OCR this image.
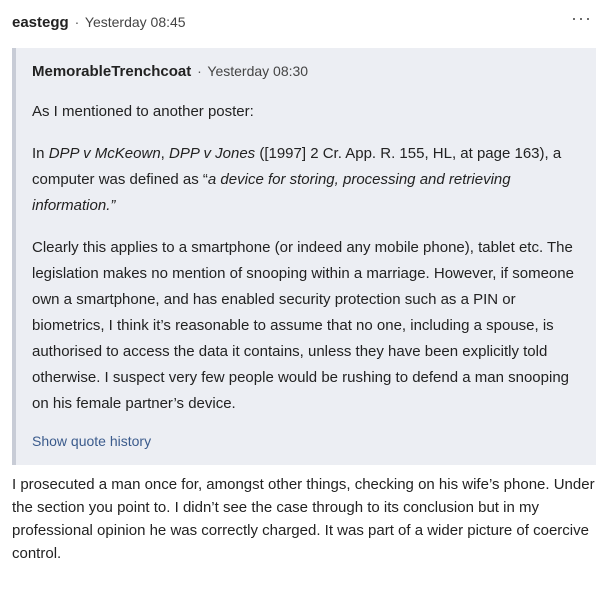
eastegg · Yesterday 08:45	···
MemorableTrenchcoat · Yesterday 08:30

As I mentioned to another poster:

In DPP v McKeown, DPP v Jones ([1997] 2 Cr. App. R. 155, HL, at page 163), a computer was defined as “a device for storing, processing and retrieving information.”

Clearly this applies to a smartphone (or indeed any mobile phone), tablet etc. The legislation makes no mention of snooping within a marriage. However, if someone own a smartphone, and has enabled security protection such as a PIN or biometrics, I think it’s reasonable to assume that no one, including a spouse, is authorised to access the data it contains, unless they have been explicitly told otherwise. I suspect very few people would be rushing to defend a man snooping on his female partner’s device.

Show quote history
I prosecuted a man once for, amongst other things, checking on his wife’s phone. Under the section you point to. I didn’t see the case through to its conclusion but in my professional opinion he was correctly charged. It was part of a wider picture of coercive control.
